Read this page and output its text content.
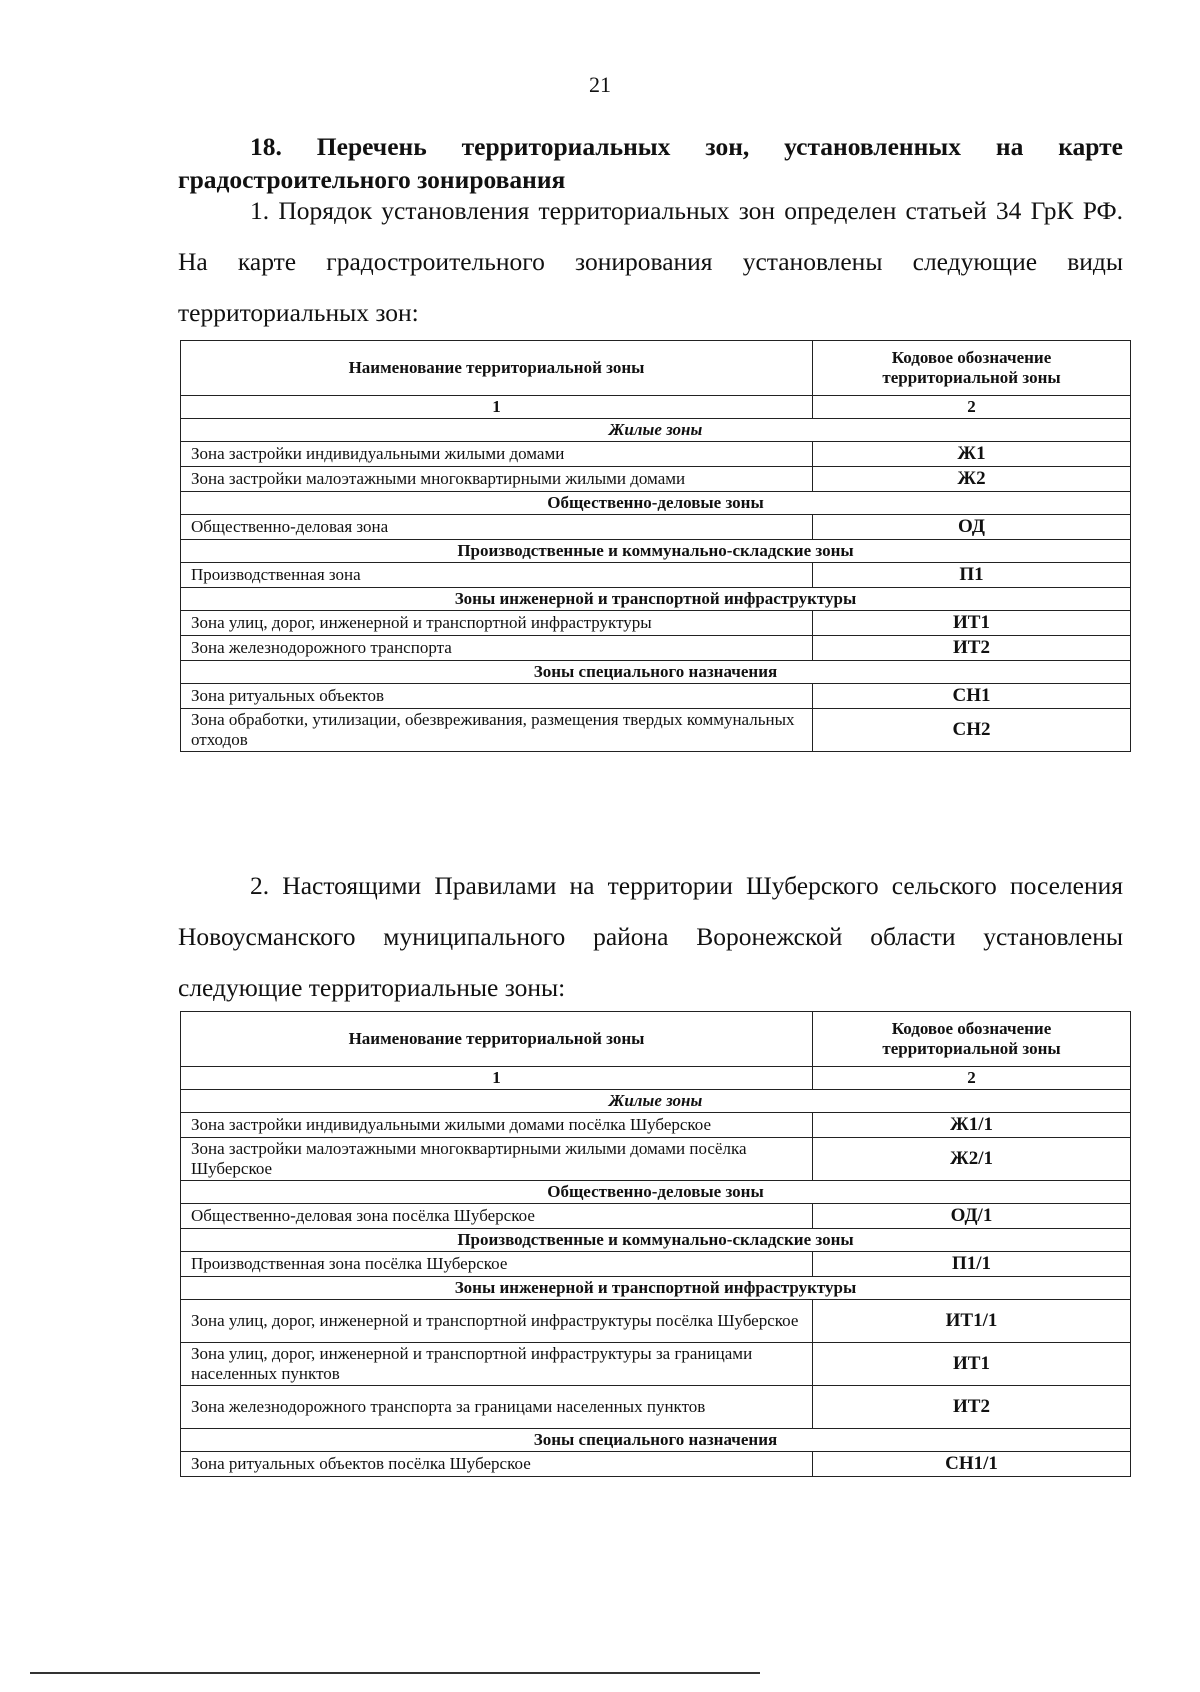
21
18. Перечень территориальных зон, установленных на карте градостроительного зонирования
1. Порядок установления территориальных зон определен статьей 34 ГрК РФ. На карте градостроительного зонирования установлены следующие виды территориальных зон:
Наименование территориальной зоны	Кодовое обозначение территориальной зоны
1	2
Жилые зоны	
Зона застройки индивидуальными жилыми домами	Ж1
Зона застройки малоэтажными многоквартирными жилыми домами	Ж2
Общественно-деловые зоны	
Общественно-деловая зона	ОД
Производственные и коммунально-складские зоны	
Производственная зона	П1
Зоны инженерной и транспортной инфраструктуры	
Зона улиц, дорог, инженерной и транспортной инфраструктуры	ИТ1
Зона железнодорожного транспорта	ИТ2
Зоны специального назначения	
Зона ритуальных объектов	СН1
Зона обработки, утилизации, обезвреживания, размещения твердых коммунальных отходов	СН2
2. Настоящими Правилами на территории Шуберского сельского поселения Новоусманского муниципального района Воронежской области установлены следующие территориальные зоны:
Наименование территориальной зоны	Кодовое обозначение территориальной зоны
1	2
Жилые зоны	
Зона застройки индивидуальными жилыми домами посёлка Шуберское	Ж1/1
Зона застройки малоэтажными многоквартирными жилыми домами посёлка Шуберское	Ж2/1
Общественно-деловые зоны	
Общественно-деловая зона посёлка Шуберское	ОД/1
Производственные и коммунально-складские зоны	
Производственная зона посёлка Шуберское	П1/1
Зоны инженерной и транспортной инфраструктуры	
Зона улиц, дорог, инженерной и транспортной инфраструктуры посёлка Шуберское	ИТ1/1
Зона улиц, дорог, инженерной и транспортной инфраструктуры за границами населенных пунктов	ИТ1
Зона железнодорожного транспорта за границами населенных пунктов	ИТ2
Зоны специального назначения	
Зона ритуальных объектов посёлка Шуберское	СН1/1
